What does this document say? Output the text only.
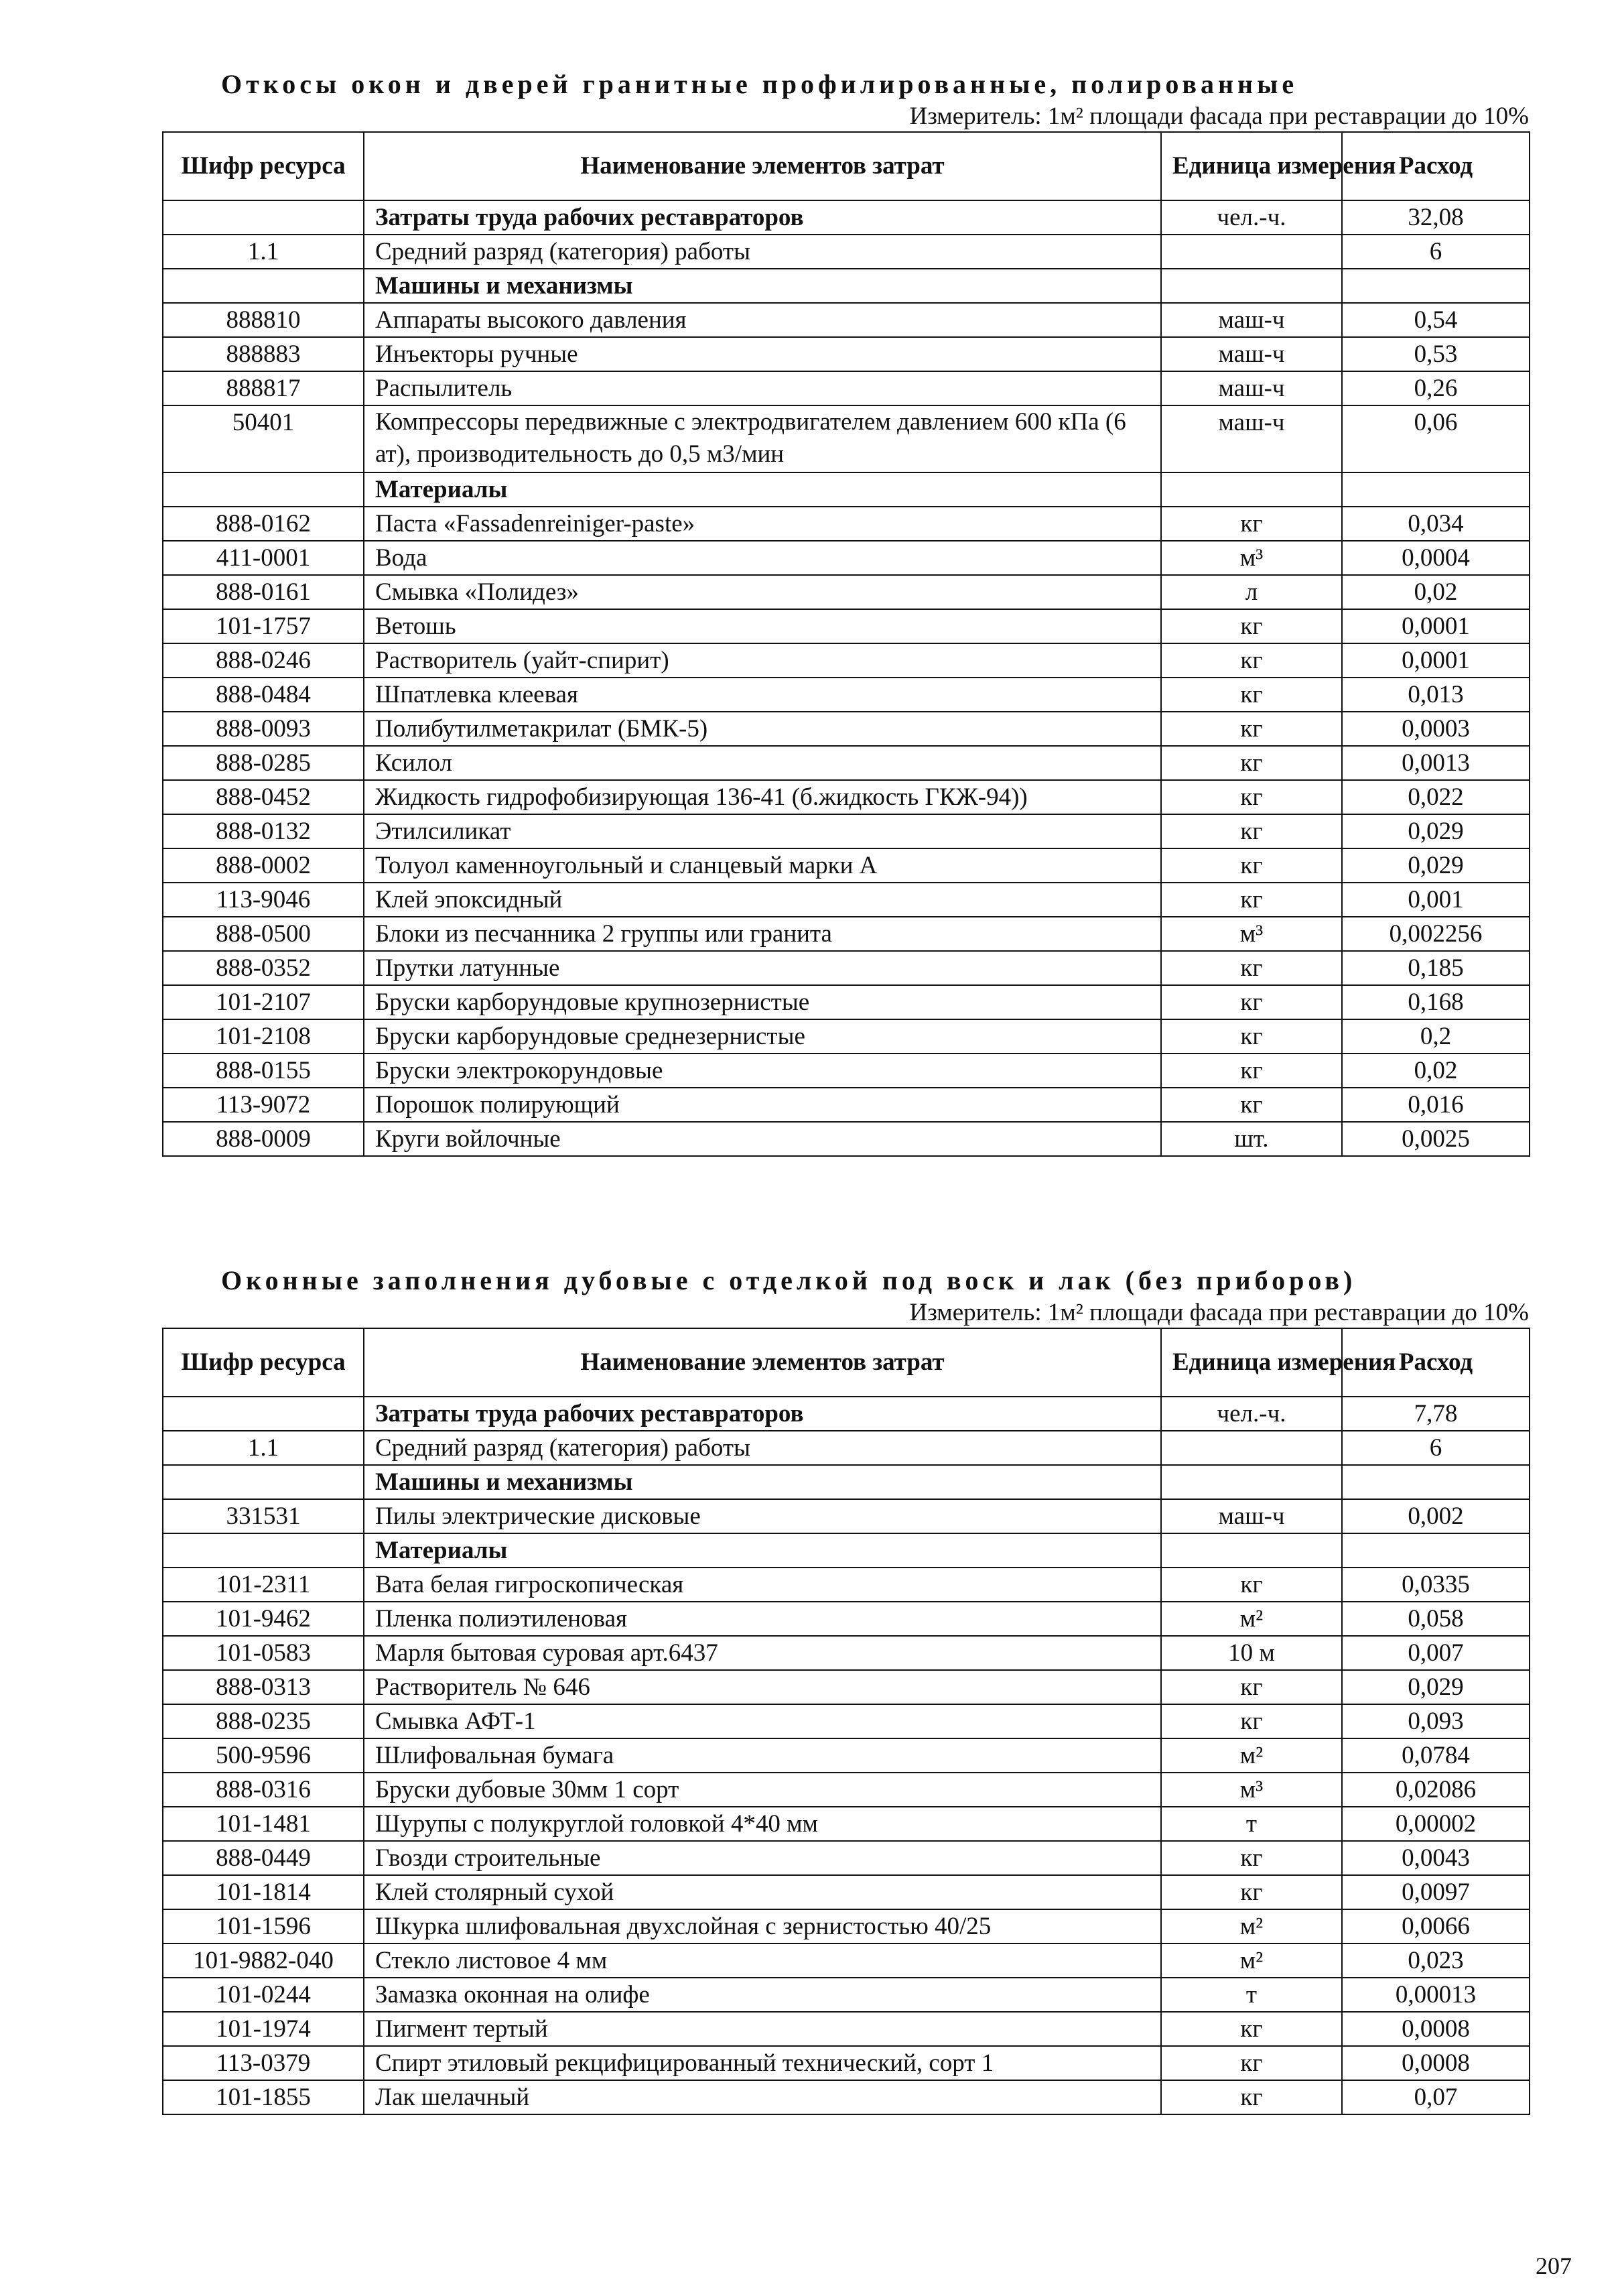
Откосы окон и дверей гранитные профилированные, полированные
Измеритель: 1м² площади фасада при реставрации до 10%
Шифр ресурса	Наименование элементов затрат	Единица измерения	Расход
	Затраты труда рабочих реставраторов	чел.-ч.	32,08
1.1	Средний разряд (категория) работы		6
	Машины и механизмы		
888810	Аппараты высокого давления	маш-ч	0,54
888883	Инъекторы ручные	маш-ч	0,53
888817	Распылитель	маш-ч	0,26
50401	Компрессоры передвижные с электродвигателем давлением 600 кПа (6 ат), производительность до 0,5 м3/мин	маш-ч	0,06
	Материалы		
888-0162	Паста «Fassadenreiniger-paste»	кг	0,034
411-0001	Вода	м³	0,0004
888-0161	Смывка «Полидез»	л	0,02
101-1757	Ветошь	кг	0,0001
888-0246	Растворитель (уайт-спирит)	кг	0,0001
888-0484	Шпатлевка клеевая	кг	0,013
888-0093	Полибутилметакрилат (БМК-5)	кг	0,0003
888-0285	Ксилол	кг	0,0013
888-0452	Жидкость гидрофобизирующая 136-41 (б.жидкость ГКЖ-94))	кг	0,022
888-0132	Этилсиликат	кг	0,029
888-0002	Толуол каменноугольный и сланцевый марки А	кг	0,029
113-9046	Клей эпоксидный	кг	0,001
888-0500	Блоки из песчанника 2 группы или гранита	м³	0,002256
888-0352	Прутки латунные	кг	0,185
101-2107	Бруски карборундовые крупнозернистые	кг	0,168
101-2108	Бруски карборундовые среднезернистые	кг	0,2
888-0155	Бруски электрокорундовые	кг	0,02
113-9072	Порошок полирующий	кг	0,016
888-0009	Круги войлочные	шт.	0,0025
Оконные заполнения дубовые с отделкой под воск и лак (без приборов)
Измеритель: 1м² площади фасада при реставрации до 10%
Шифр ресурса	Наименование элементов затрат	Единица измерения	Расход
	Затраты труда рабочих реставраторов	чел.-ч.	7,78
1.1	Средний разряд (категория) работы		6
	Машины и механизмы		
331531	Пилы электрические дисковые	маш-ч	0,002
	Материалы		
101-2311	Вата белая гигроскопическая	кг	0,0335
101-9462	Пленка полиэтиленовая	м²	0,058
101-0583	Марля бытовая суровая арт.6437	10 м	0,007
888-0313	Растворитель № 646	кг	0,029
888-0235	Смывка АФТ-1	кг	0,093
500-9596	Шлифовальная бумага	м²	0,0784
888-0316	Бруски дубовые 30мм 1 сорт	м³	0,02086
101-1481	Шурупы с полукруглой головкой 4*40 мм	т	0,00002
888-0449	Гвозди строительные	кг	0,0043
101-1814	Клей столярный сухой	кг	0,0097
101-1596	Шкурка шлифовальная двухслойная с зернистостью 40/25	м²	0,0066
101-9882-040	Стекло листовое 4 мм	м²	0,023
101-0244	Замазка оконная на олифе	т	0,00013
101-1974	Пигмент тертый	кг	0,0008
113-0379	Спирт этиловый рекцифицированный технический, сорт 1	кг	0,0008
101-1855	Лак шелачный	кг	0,07
207
